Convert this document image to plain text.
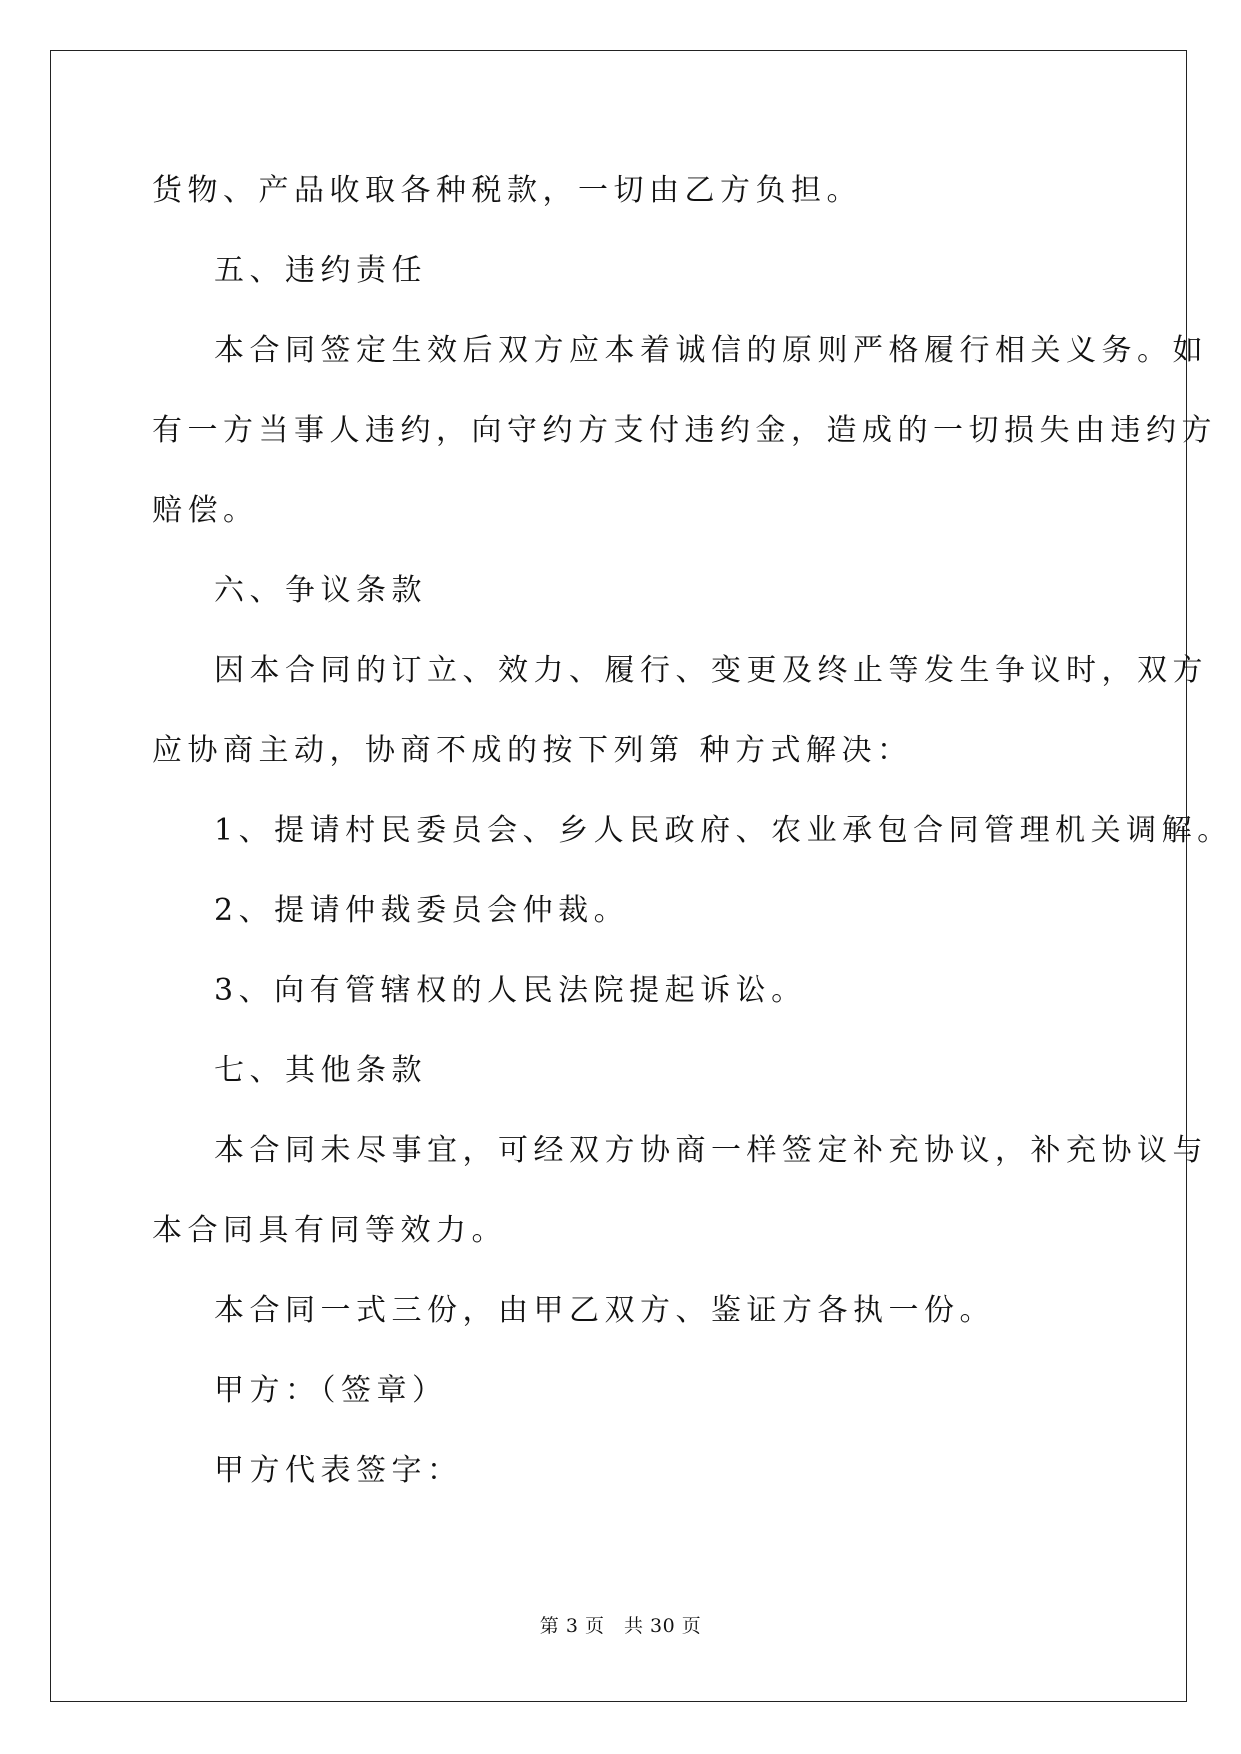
货物、产品收取各种税款，一切由乙方负担。
五、违约责任
本合同签定生效后双方应本着诚信的原则严格履行相关义务。如
有一方当事人违约，向守约方支付违约金，造成的一切损失由违约方
赔偿。
六、争议条款
因本合同的订立、效力、履行、变更及终止等发生争议时，双方
应协商主动，协商不成的按下列第 种方式解决：
1、提请村民委员会、乡人民政府、农业承包合同管理机关调解。
2、提请仲裁委员会仲裁。
3、向有管辖权的人民法院提起诉讼。
七、其他条款
本合同未尽事宜，可经双方协商一样签定补充协议，补充协议与
本合同具有同等效力。
本合同一式三份，由甲乙双方、鉴证方各执一份。
甲方：（签章）
甲方代表签字：
第 3 页　共 30 页
